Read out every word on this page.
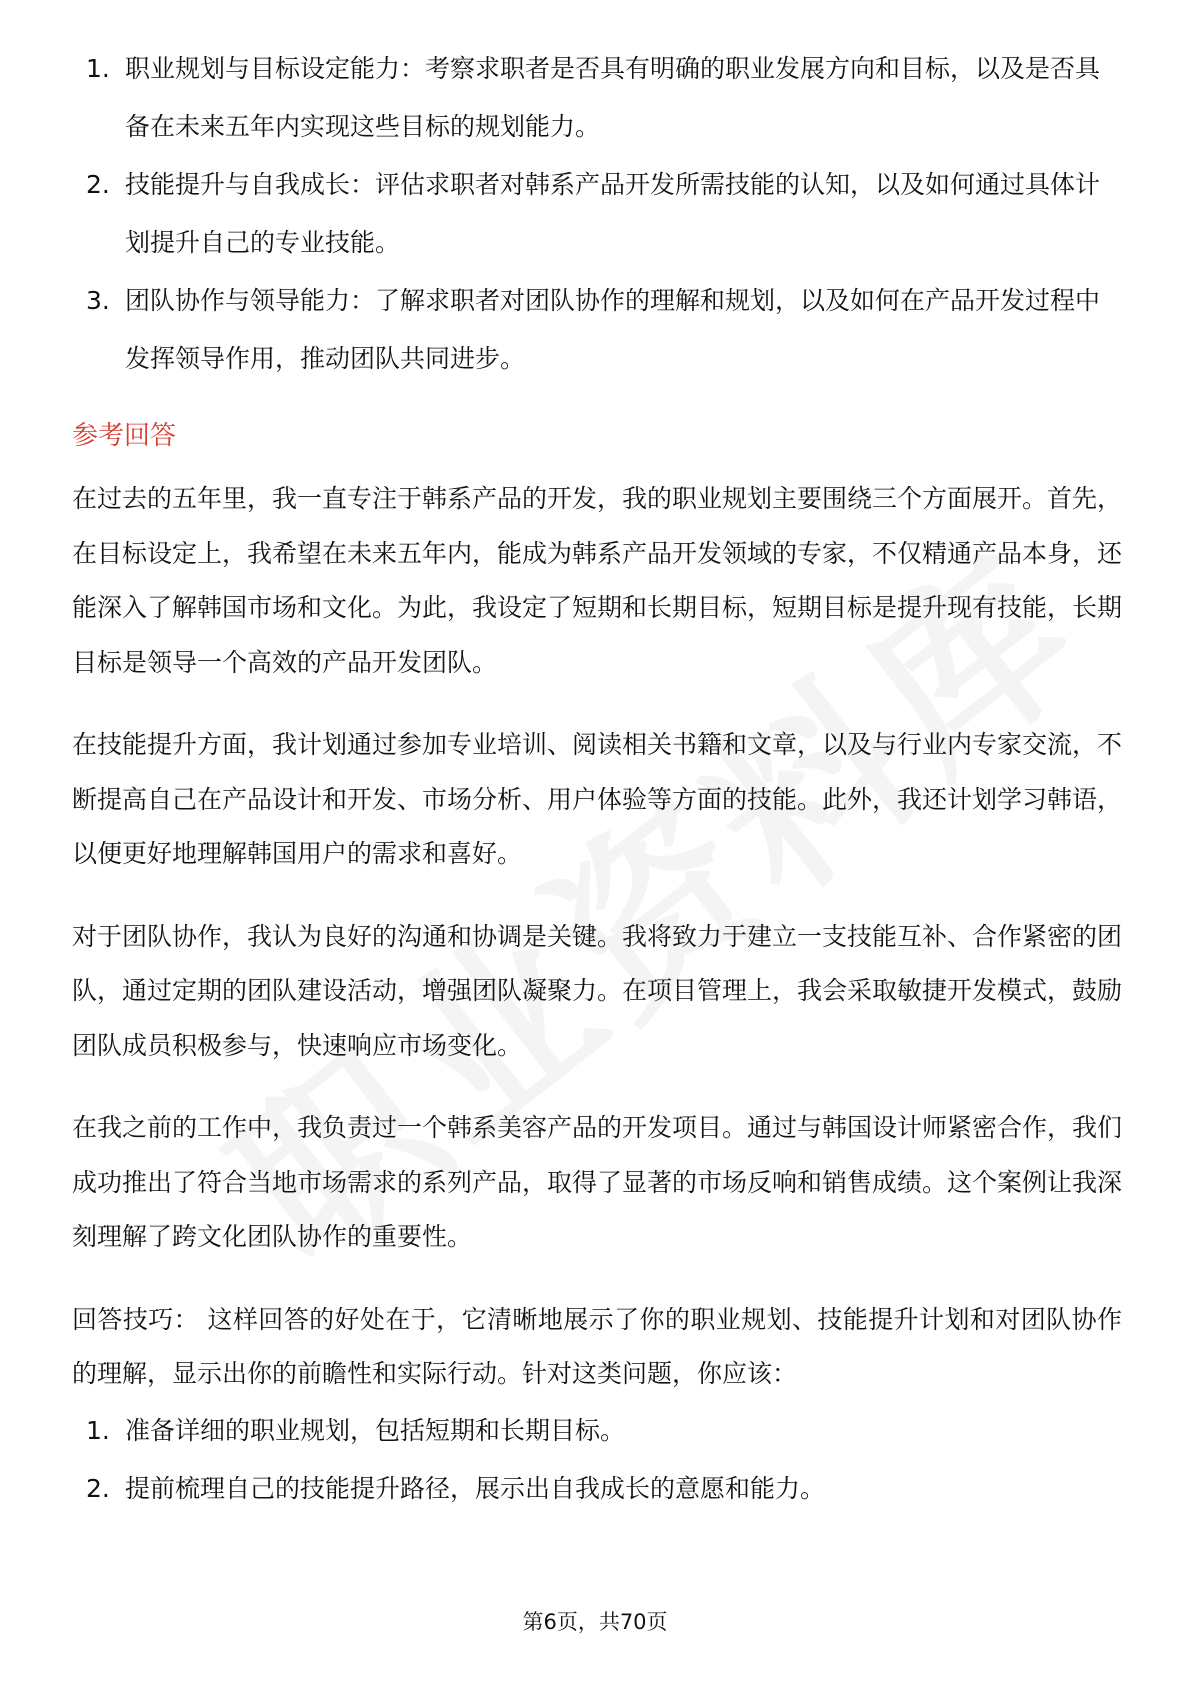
1. 职业规划与目标设定能力：考察求职者是否具有明确的职业发展方向和目标，以及是否具备在未来五年内实现这些目标的规划能力。
2. 技能提升与自我成长：评估求职者对韩系产品开发所需技能的认知，以及如何通过具体计划提升自己的专业技能。
3. 团队协作与领导能力：了解求职者对团队协作的理解和规划，以及如何在产品开发过程中发挥领导作用，推动团队共同进步。
参考回答

在过去的五年里，我一直专注于韩系产品的开发，我的职业规划主要围绕三个方面展开。首先，在目标设定上，我希望在未来五年内，能成为韩系产品开发领域的专家，不仅精通产品本身，还能深入了解韩国市场和文化。为此，我设定了短期和长期目标，短期目标是提升现有技能，长期目标是领导一个高效的产品开发团队。

在技能提升方面，我计划通过参加专业培训、阅读相关书籍和文章，以及与行业内专家交流，不断提高自己在产品设计和开发、市场分析、用户体验等方面的技能。此外，我还计划学习韩语，以便更好地理解韩国用户的需求和喜好。

对于团队协作，我认为良好的沟通和协调是关键。我将致力于建立一支技能互补、合作紧密的团队，通过定期的团队建设活动，增强团队凝聚力。在项目管理上，我会采取敏捷开发模式，鼓励团队成员积极参与，快速响应市场变化。

在我之前的工作中，我负责过一个韩系美容产品的开发项目。通过与韩国设计师紧密合作，我们成功推出了符合当地市场需求的系列产品，取得了显著的市场反响和销售成绩。这个案例让我深刻理解了跨文化团队协作的重要性。

回答技巧： 这样回答的好处在于，它清晰地展示了你的职业规划、技能提升计划和对团队协作的理解，显示出你的前瞻性和实际行动。针对这类问题，你应该：

1. 准备详细的职业规划，包括短期和长期目标。
2. 提前梳理自己的技能提升路径，展示出自我成长的意愿和能力。
第6页，共70页
